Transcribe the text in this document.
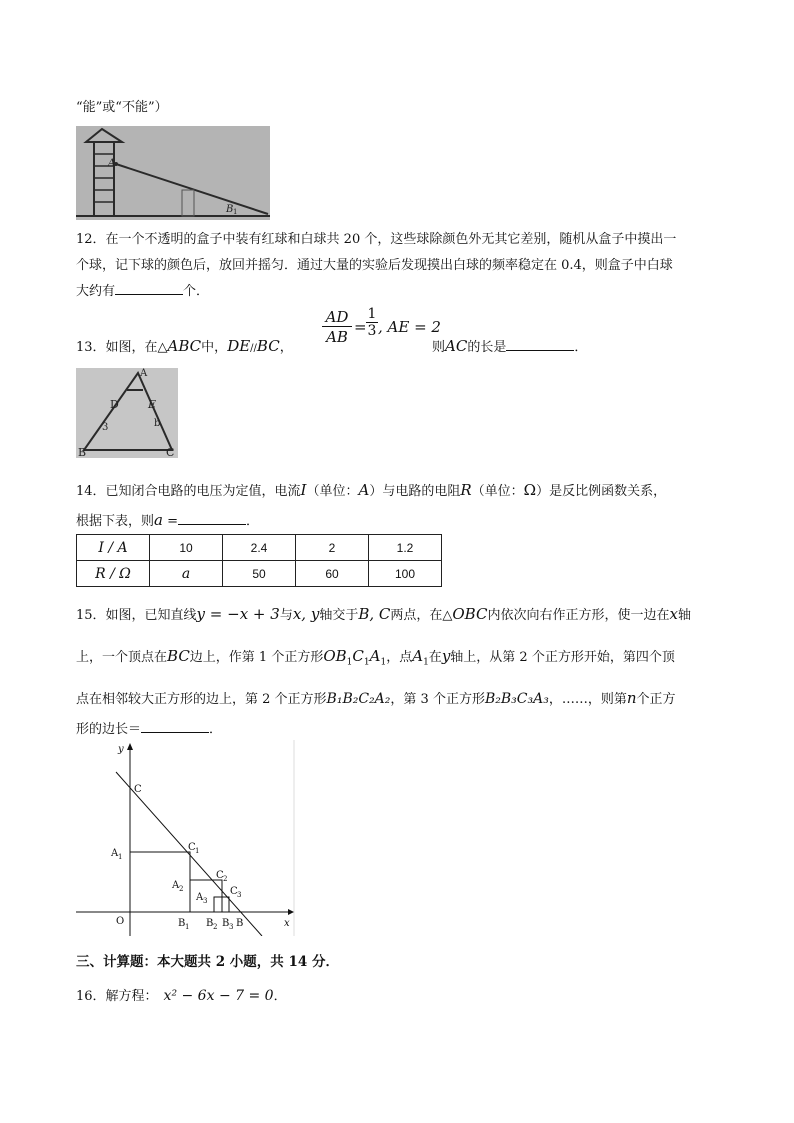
“能”或“不能”）
A
B 1
12．在一个不透明的盒子中装有红球和白球共 20 个，这些球除颜色外无其它差别，随机从盒子中摸出一
个球，记下球的颜色后，放回并摇匀．通过大量的实验后发现摸出白球的频率稳定在 0.4，则盒子中白球
大约有	个．
13．如图，在△ABC中，DE//BC，
$\frac{AD}{AB}$ =
1
3 , AE = 2
则AC的长是	．
A
D	E
B	C
3	b
14．已知闭合电路的电压为定值，电流I（单位：A）与电路的电阻R（单位：Ω）是反比例函数关系，
根据下表，则a =	．
I / A	10	2.4	2	1.2
R / Ω	a	50	60	100
15．如图，已知直线y = −x + 3与x, y轴交于B, C两点，在△OBC内依次向右作正方形，使一边在x轴
上，一个顶点在BC边上，作第 1 个正方形$OB_1C_1A_1$，点$A_1$在y轴上，从第 2 个正方形开始，第四个顶
点在相邻较大正方形的边上，第 2 个正方形B₁B₂C₂A₂，第 3 个正方形B₂B₃C₃A₃，……，则第n个正方
形的边长＝	．
y
x
C
O
A 1
A 2
A 3
C 1
C 2
C 3
B 1 B 2 B 3 B
三、计算题：本大题共 2 小题，共 14 分．
16．解方程： x² − 6x − 7 = 0．
